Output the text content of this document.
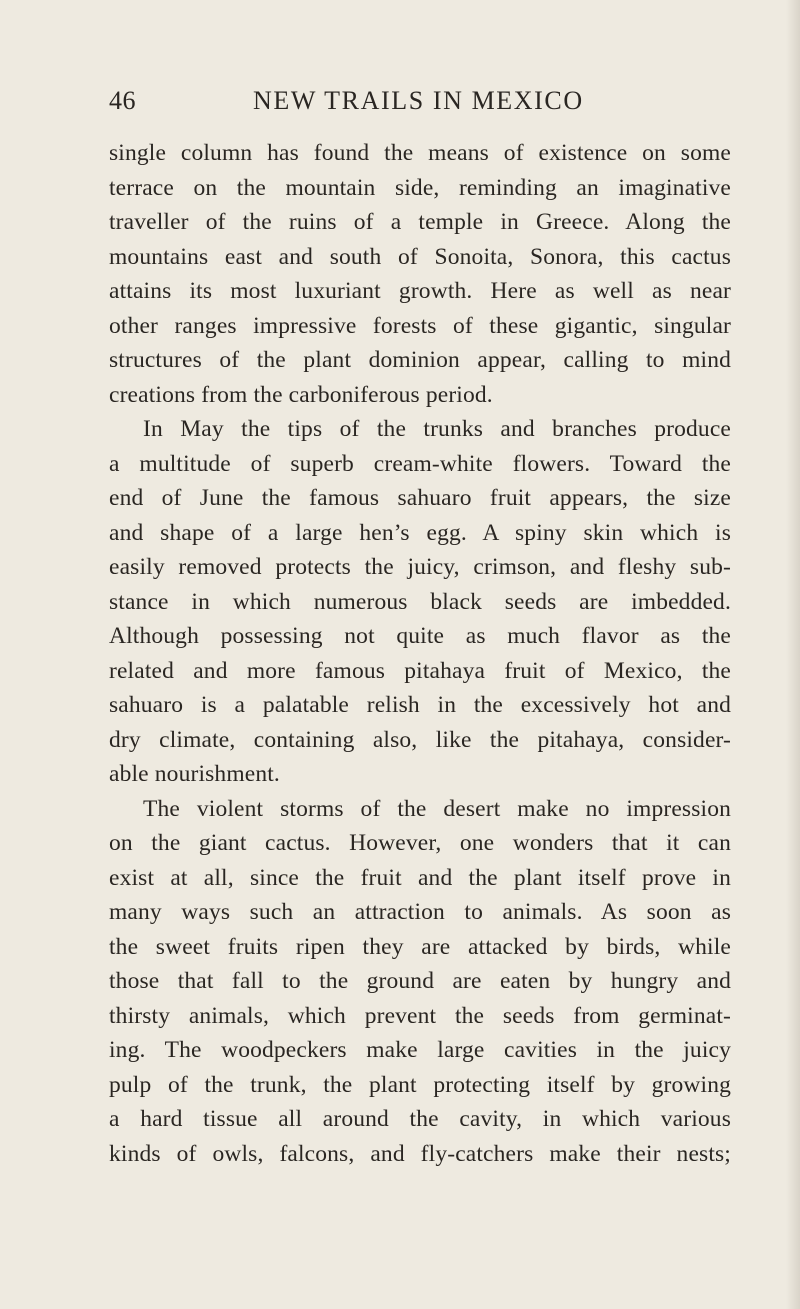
46	NEW TRAILS IN MEXICO
single column has found the means of existence on some
terrace on the mountain side, reminding an imaginative
traveller of the ruins of a temple in Greece. Along the
mountains east and south of Sonoita, Sonora, this cactus
attains its most luxuriant growth. Here as well as near
other ranges impressive forests of these gigantic, singular
structures of the plant dominion appear, calling to mind
creations from the carboniferous period.
In May the tips of the trunks and branches produce
a multitude of superb cream-white flowers. Toward the
end of June the famous sahuaro fruit appears, the size
and shape of a large hen’s egg. A spiny skin which is
easily removed protects the juicy, crimson, and fleshy sub-
stance in which numerous black seeds are imbedded.
Although possessing not quite as much flavor as the
related and more famous pitahaya fruit of Mexico, the
sahuaro is a palatable relish in the excessively hot and
dry climate, containing also, like the pitahaya, consider-
able nourishment.
The violent storms of the desert make no impression
on the giant cactus. However, one wonders that it can
exist at all, since the fruit and the plant itself prove in
many ways such an attraction to animals. As soon as
the sweet fruits ripen they are attacked by birds, while
those that fall to the ground are eaten by hungry and
thirsty animals, which prevent the seeds from germinat-
ing. The woodpeckers make large cavities in the juicy
pulp of the trunk, the plant protecting itself by growing
a hard tissue all around the cavity, in which various
kinds of owls, falcons, and fly-catchers make their nests;
